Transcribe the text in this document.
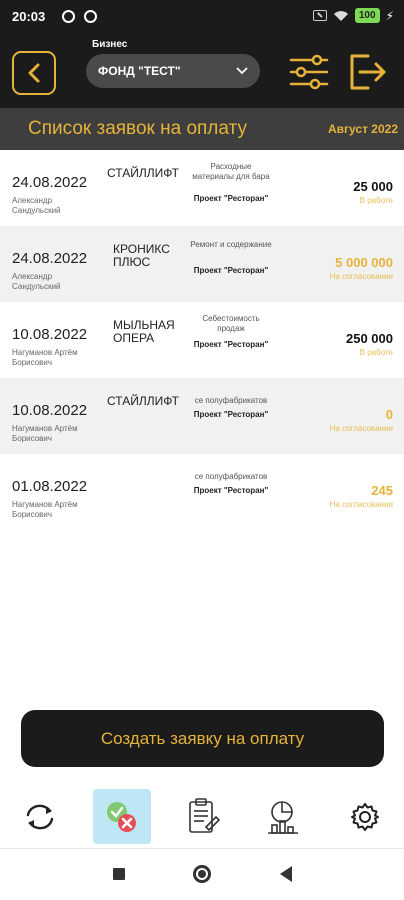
20:03	100 ⚡
Бизнес
ФОНД "ТЕСТ"
Список заявок на оплату	Август 2022
24.08.2022
Александр Сандульский
СТАЙЛЛИФТ	Расходные материалы для бара
Проект "Ресторан"
25 000
В работе
24.08.2022
Александр Сандульский
КРОНИКС ПЛЮС
Ремонт и содержание
Проект "Ресторан"
5 000 000
На согласовании
10.08.2022
Нагуманов Артём Борисович
МЫЛЬНАЯ ОПЕРА
Себестоимость продаж
Проект "Ресторан"	250 000
В работе
10.08.2022
Нагуманов Артём Борисович
СТАЙЛЛИФТ	се полуфабрикатов
Проект "Ресторан"	0
На согласовании
01.08.2022
Нагуманов Артём Борисович
се полуфабрикатов
Проект "Ресторан"	245
На согласовании
Создать заявку на оплату
